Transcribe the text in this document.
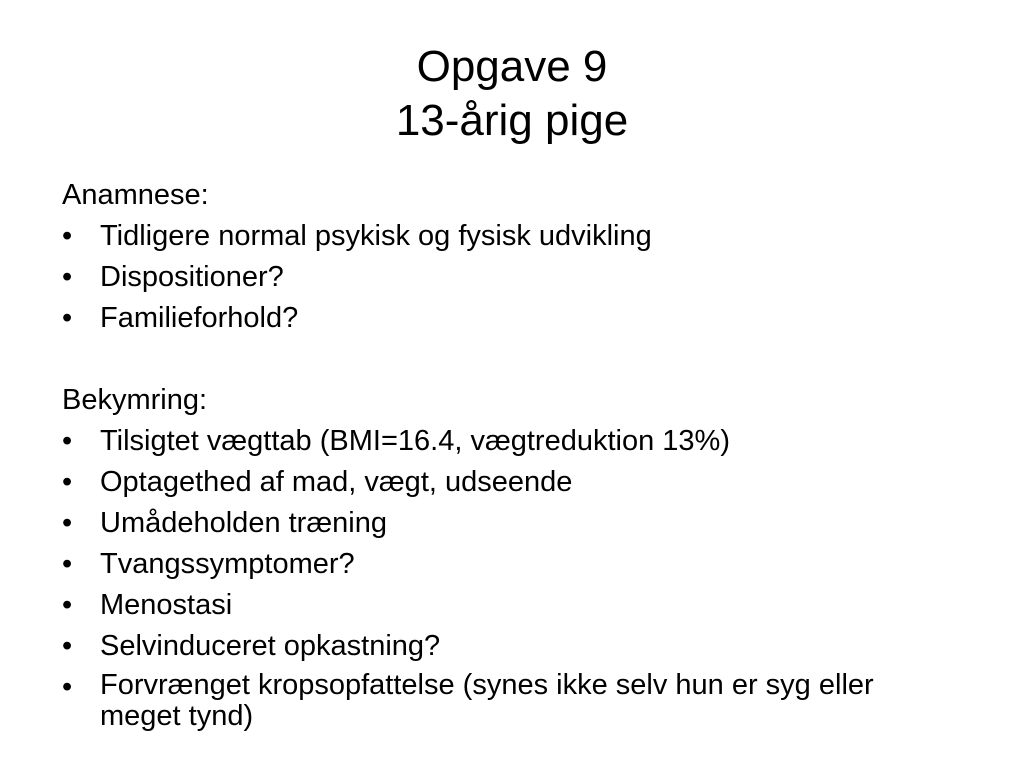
Opgave 9
13-årig pige
Anamnese:
• Tidligere normal psykisk og fysisk udvikling
• Dispositioner?
• Familieforhold?
Bekymring:
• Tilsigtet vægttab (BMI=16.4, vægtreduktion 13%)
• Optagethed af mad, vægt, udseende
• Umådeholden træning
• Tvangssymptomer?
• Menostasi
• Selvinduceret opkastning?
• Forvrænget kropsopfattelse (synes ikke selv hun er syg eller meget tynd)
